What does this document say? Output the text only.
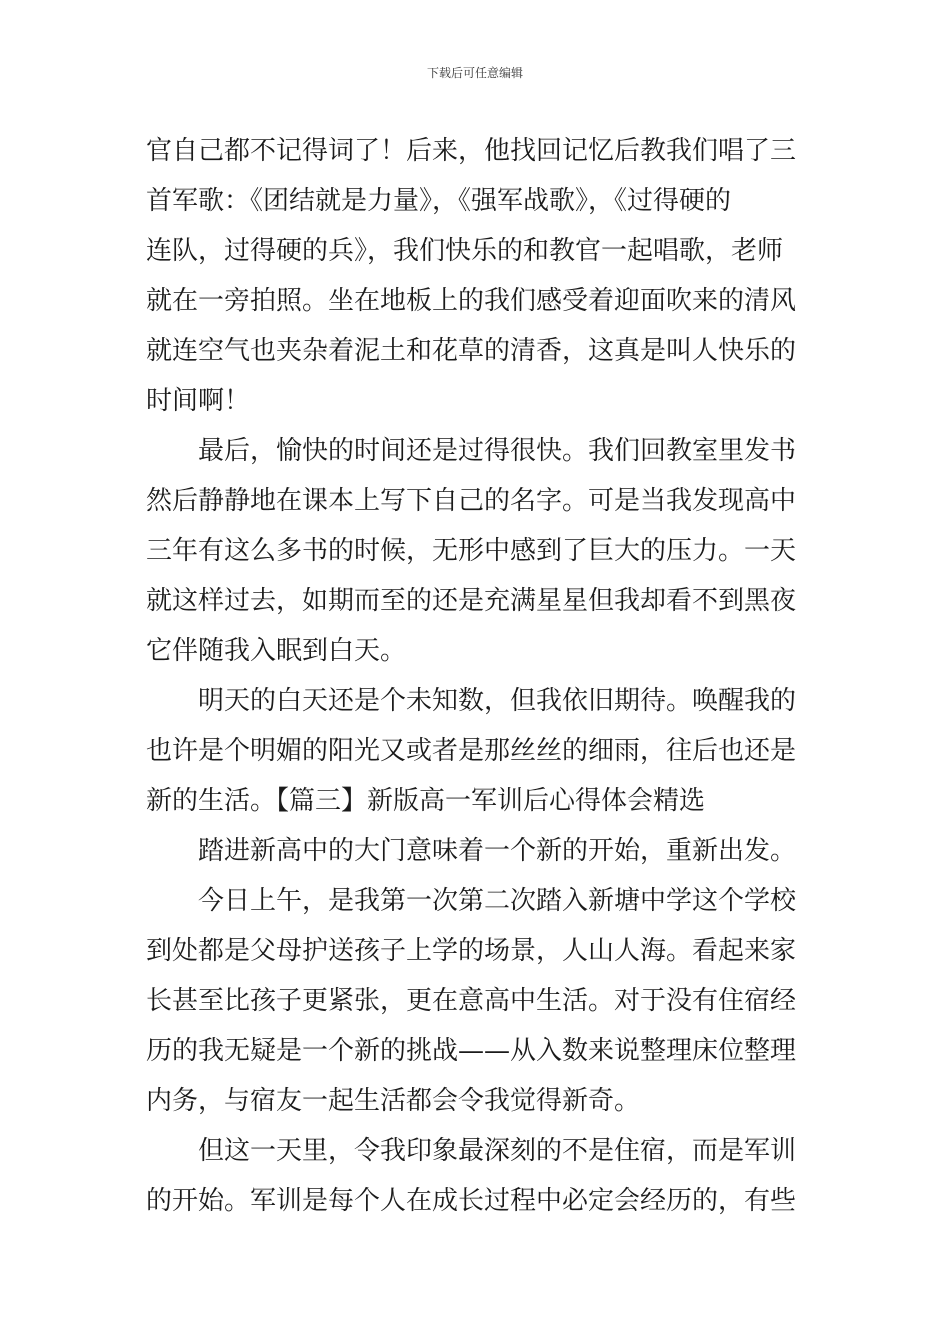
下载后可任意编辑
官自己都不记得词了！后来，他找回记忆后教我们唱了三
首军歌：《团结就是力量》，《强军战歌》，《过得硬的
连队，过得硬的兵》，我们快乐的和教官一起唱歌，老师
就在一旁拍照。坐在地板上的我们感受着迎面吹来的清风
就连空气也夹杂着泥土和花草的清香，这真是叫人快乐的
时间啊！
最后，愉快的时间还是过得很快。我们回教室里发书
然后静静地在课本上写下自己的名字。可是当我发现高中
三年有这么多书的时候，无形中感到了巨大的压力。一天
就这样过去，如期而至的还是充满星星但我却看不到黑夜
它伴随我入眠到白天。
明天的白天还是个未知数，但我依旧期待。唤醒我的
也许是个明媚的阳光又或者是那丝丝的细雨，往后也还是
新的生活。【篇三】新版高一军训后心得体会精选
踏进新高中的大门意味着一个新的开始，重新出发。
今日上午，是我第一次第二次踏入新塘中学这个学校
到处都是父母护送孩子上学的场景，人山人海。看起来家
长甚至比孩子更紧张，更在意高中生活。对于没有住宿经
历的我无疑是一个新的挑战——从入数来说整理床位整理
内务，与宿友一起生活都会令我觉得新奇。
但这一天里，令我印象最深刻的不是住宿，而是军训
的开始。军训是每个人在成长过程中必定会经历的，有些
